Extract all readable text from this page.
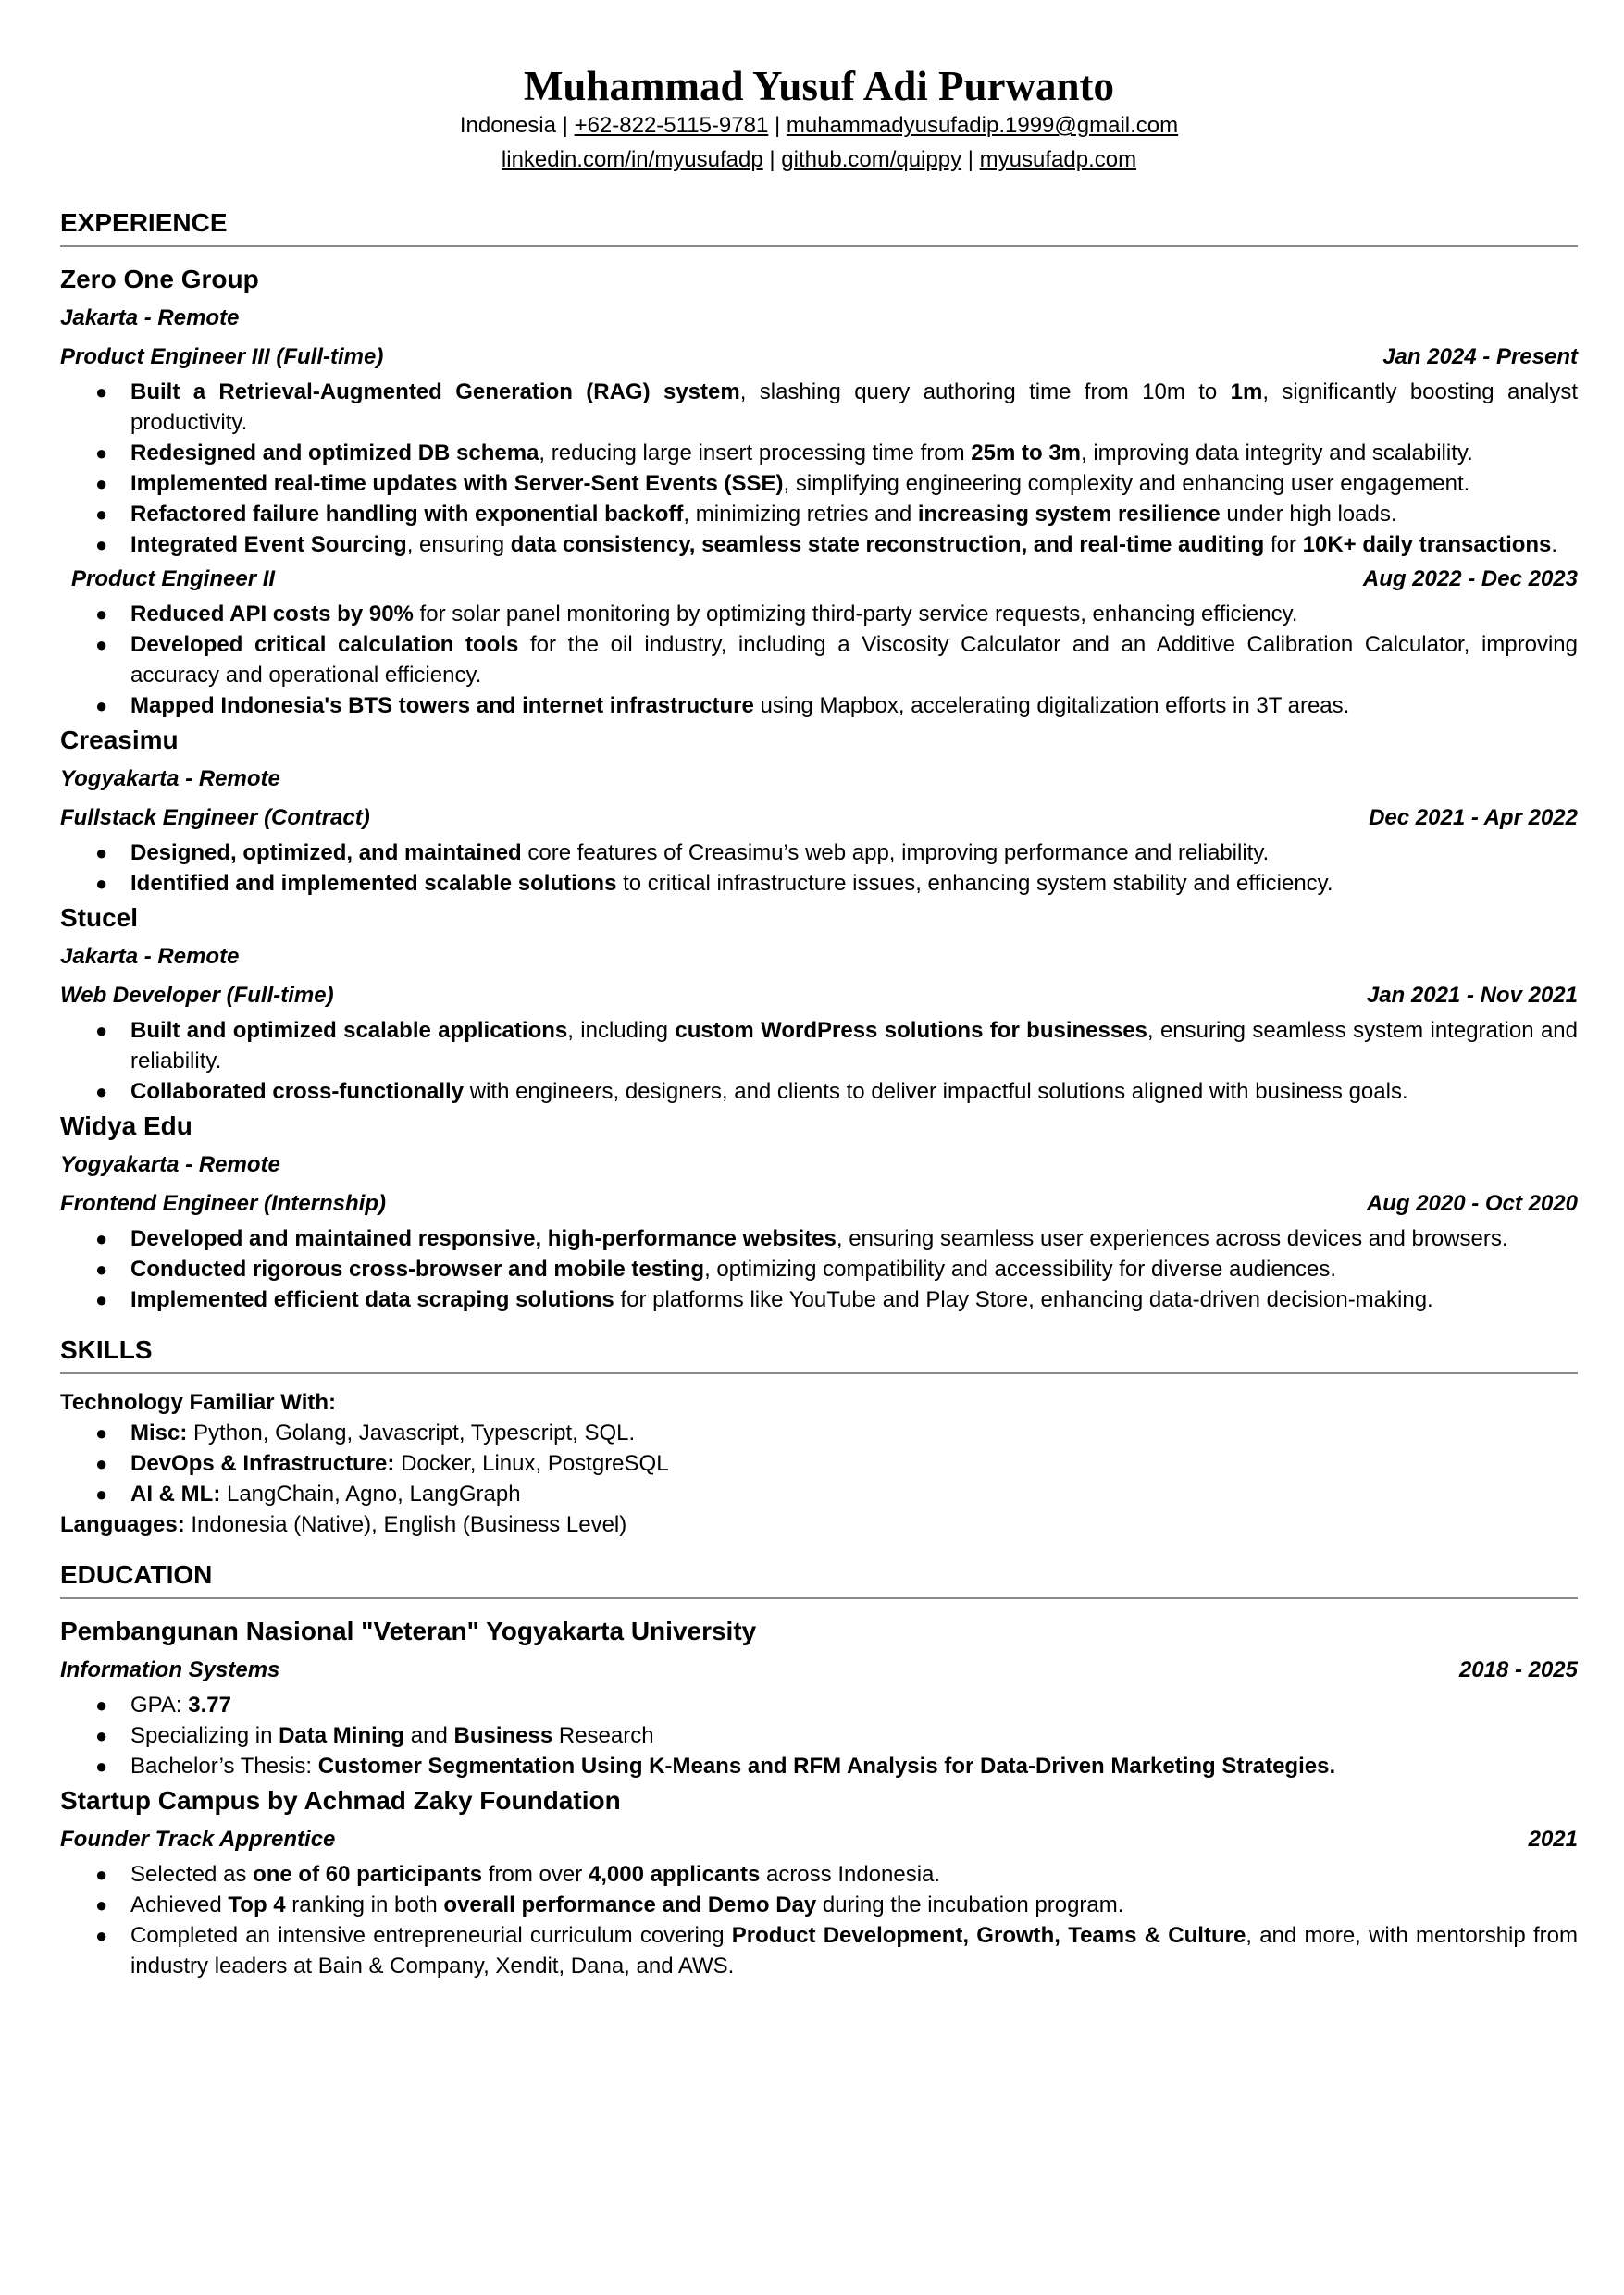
Muhammad Yusuf Adi Purwanto
Indonesia | +62-822-5115-9781 | muhammadyusufadip.1999@gmail.com
linkedin.com/in/myusufadp | github.com/quippy | myusufadp.com
EXPERIENCE
Zero One Group
Jakarta - Remote
Product Engineer III (Full-time)	Jan 2024 - Present
● Built a Retrieval-Augmented Generation (RAG) system, slashing query authoring time from 10m to 1m, significantly boosting analyst productivity.
● Redesigned and optimized DB schema, reducing large insert processing time from 25m to 3m, improving data integrity and scalability.
● Implemented real-time updates with Server-Sent Events (SSE), simplifying engineering complexity and enhancing user engagement.
● Refactored failure handling with exponential backoff, minimizing retries and increasing system resilience under high loads.
● Integrated Event Sourcing, ensuring data consistency, seamless state reconstruction, and real-time auditing for 10K+ daily transactions.
Product Engineer II	Aug 2022 - Dec 2023
● Reduced API costs by 90% for solar panel monitoring by optimizing third-party service requests, enhancing efficiency.
● Developed critical calculation tools for the oil industry, including a Viscosity Calculator and an Additive Calibration Calculator, improving accuracy and operational efficiency.
● Mapped Indonesia's BTS towers and internet infrastructure using Mapbox, accelerating digitalization efforts in 3T areas.
Creasimu
Yogyakarta - Remote
Fullstack Engineer (Contract)	Dec 2021 - Apr 2022
● Designed, optimized, and maintained core features of Creasimu’s web app, improving performance and reliability.
● Identified and implemented scalable solutions to critical infrastructure issues, enhancing system stability and efficiency.
Stucel
Jakarta - Remote
Web Developer (Full-time)	Jan 2021 - Nov 2021
● Built and optimized scalable applications, including custom WordPress solutions for businesses, ensuring seamless system integration and reliability.
● Collaborated cross-functionally with engineers, designers, and clients to deliver impactful solutions aligned with business goals.
Widya Edu
Yogyakarta - Remote
Frontend Engineer (Internship)	Aug 2020 - Oct 2020
● Developed and maintained responsive, high-performance websites, ensuring seamless user experiences across devices and browsers.
● Conducted rigorous cross-browser and mobile testing, optimizing compatibility and accessibility for diverse audiences.
● Implemented efficient data scraping solutions for platforms like YouTube and Play Store, enhancing data-driven decision-making.
SKILLS
Technology Familiar With:
● Misc: Python, Golang, Javascript, Typescript, SQL.
● DevOps & Infrastructure: Docker, Linux, PostgreSQL
● AI & ML: LangChain, Agno, LangGraph
Languages: Indonesia (Native), English (Business Level)
EDUCATION
Pembangunan Nasional "Veteran" Yogyakarta University
Information Systems	2018 - 2025
● GPA: 3.77
● Specializing in Data Mining and Business Research
● Bachelor’s Thesis: Customer Segmentation Using K-Means and RFM Analysis for Data-Driven Marketing Strategies.
Startup Campus by Achmad Zaky Foundation
Founder Track Apprentice	2021
● Selected as one of 60 participants from over 4,000 applicants across Indonesia.
● Achieved Top 4 ranking in both overall performance and Demo Day during the incubation program.
● Completed an intensive entrepreneurial curriculum covering Product Development, Growth, Teams & Culture, and more, with mentorship from industry leaders at Bain & Company, Xendit, Dana, and AWS.
